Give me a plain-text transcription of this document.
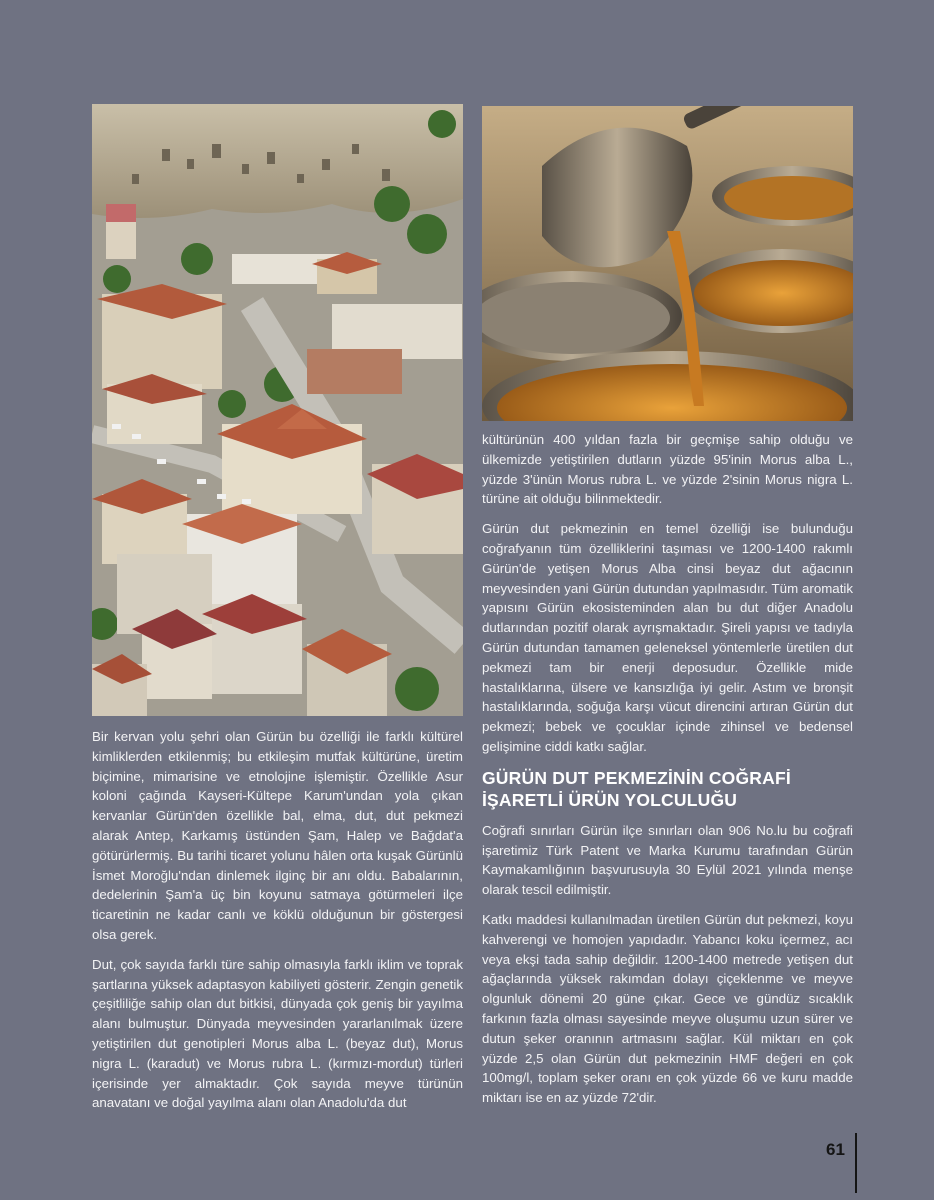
Bir kervan yolu şehri olan Gürün bu özelliği ile farklı kültürel kimliklerden etkilenmiş; bu etkileşim mutfak kültürüne, üretim biçimine, mimarisine ve etnolojine işlemiştir. Özellikle Asur koloni çağında Kayseri-Kültepe Karum'undan yola çıkan kervanlar Gürün'den özellikle bal, elma, dut, dut pekmezi alarak Antep, Karkamış üstünden Şam, Halep ve Bağdat'a götürürlermiş. Bu tarihi ticaret yolunu hâlen orta kuşak Gürünlü İsmet Moroğlu'ndan dinlemek ilginç bir anı oldu. Babalarının, dedelerinin Şam'a üç bin koyunu satmaya götürmeleri ilçe ticaretinin ne kadar canlı ve köklü olduğunun bir göstergesi olsa gerek.

Dut, çok sayıda farklı türe sahip olmasıyla farklı iklim ve toprak şartlarına yüksek adaptasyon kabiliyeti gösterir. Zengin genetik çeşitliliğe sahip olan dut bitkisi, dünyada çok geniş bir yayılma alanı bulmuştur. Dünyada meyvesinden yararlanılmak üzere yetiştirilen dut genotipleri Morus alba L. (beyaz dut), Morus nigra L. (karadut) ve Morus rubra L. (kırmızı-mordut) türleri içerisinde yer almaktadır. Çok sayıda meyve türünün anavatanı ve doğal yayılma alanı olan Anadolu'da dut

kültürünün 400 yıldan fazla bir geçmişe sahip olduğu ve ülkemizde yetiştirilen dutların yüzde 95'inin Morus alba L., yüzde 3'ünün Morus rubra L. ve yüzde 2'sinin Morus nigra L. türüne ait olduğu bilinmektedir.

Gürün dut pekmezinin en temel özelliği ise bulunduğu coğrafyanın tüm özelliklerini taşıması ve 1200-1400 rakımlı Gürün'de yetişen Morus Alba cinsi beyaz dut ağacının meyvesinden yani Gürün dutundan yapılmasıdır. Tüm aromatik yapısını Gürün ekosisteminden alan bu dut diğer Anadolu dutlarından pozitif olarak ayrışmaktadır. Şireli yapısı ve tadıyla Gürün dutundan tamamen geleneksel yöntemlerle üretilen dut pekmezi tam bir enerji deposudur. Özellikle mide hastalıklarına, ülsere ve kansızlığa iyi gelir. Astım ve bronşit hastalıklarında, soğuğa karşı vücut direncini artıran Gürün dut pekmezi; bebek ve çocuklar içinde zihinsel ve bedensel gelişimine ciddi katkı sağlar.

GÜRÜN DUT PEKMEZİNİN COĞRAFİ İŞARETLİ ÜRÜN YOLCULUĞU

Coğrafi sınırları Gürün ilçe sınırları olan 906 No.lu bu coğrafi işaretimiz Türk Patent ve Marka Kurumu tarafından Gürün Kaymakamlığının başvurusuyla 30 Eylül 2021 yılında menşe olarak tescil edilmiştir.

Katkı maddesi kullanılmadan üretilen Gürün dut pekmezi, koyu kahverengi ve homojen yapıdadır. Yabancı koku içermez, acı veya ekşi tada sahip değildir. 1200-1400 metrede yetişen dut ağaçlarında yüksek rakımdan dolayı çiçeklenme ve meyve olgunluk dönemi 20 güne çıkar. Gece ve gündüz sıcaklık farkının fazla olması sayesinde meyve oluşumu uzun sürer ve dutun şeker oranının artmasını sağlar. Kül miktarı en çok yüzde 2,5 olan Gürün dut pekmezinin HMF değeri en çok 100mg/l, toplam şeker oranı en çok yüzde 66 ve kuru madde miktarı ise en az yüzde 72'dir.

61
